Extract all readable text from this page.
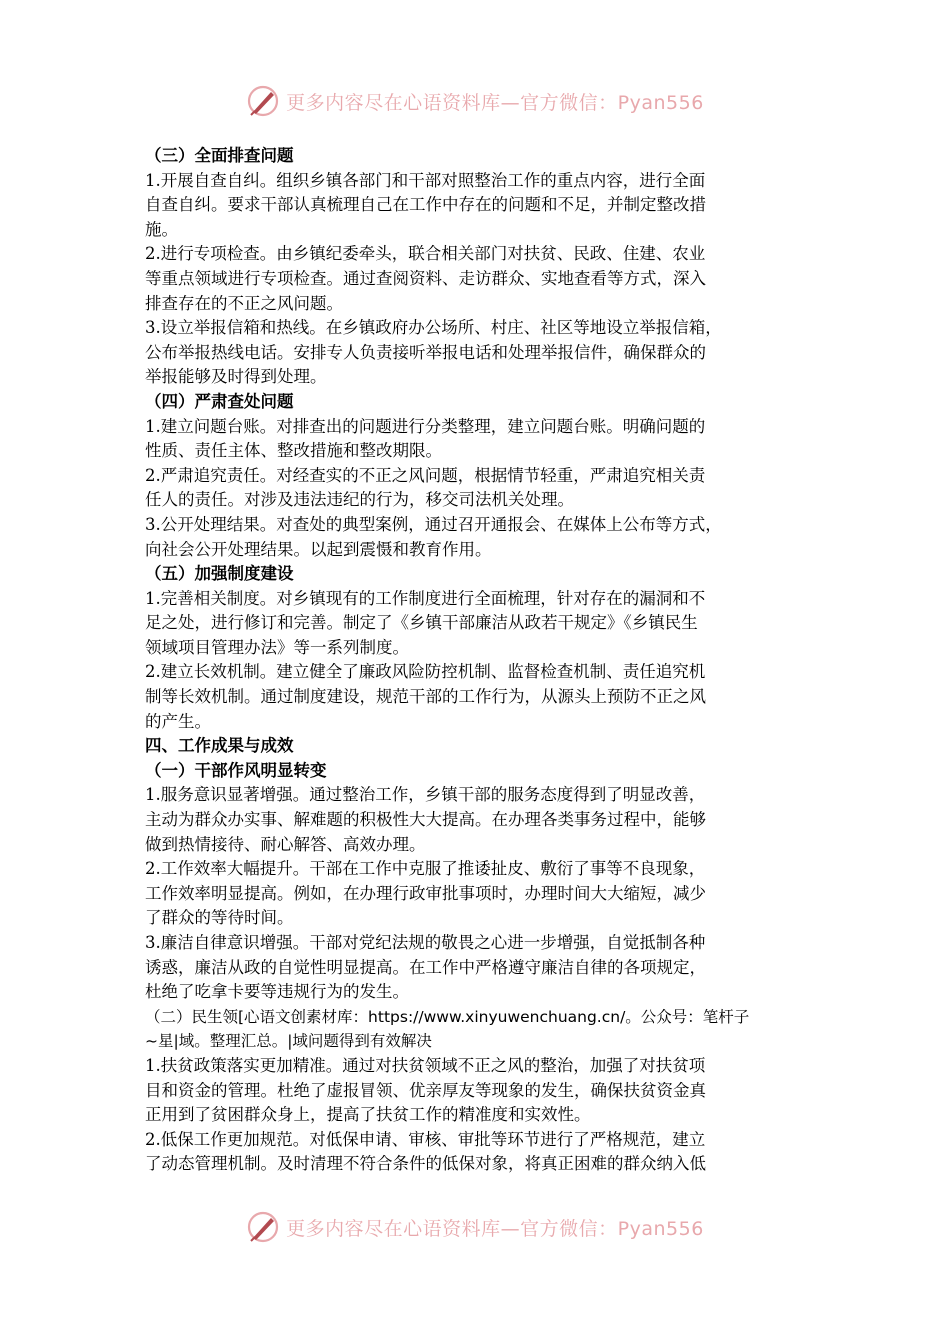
更多内容尽在心语资料库—官方微信：Pyan556
（三）全面排查问题
1.开展自查自纠。组织乡镇各部门和干部对照整治工作的重点内容，进行全面
自查自纠。要求干部认真梳理自己在工作中存在的问题和不足，并制定整改措
施。
2.进行专项检查。由乡镇纪委牵头，联合相关部门对扶贫、民政、住建、农业
等重点领域进行专项检查。通过查阅资料、走访群众、实地查看等方式，深入
排查存在的不正之风问题。
3.设立举报信箱和热线。在乡镇政府办公场所、村庄、社区等地设立举报信箱，
公布举报热线电话。安排专人负责接听举报电话和处理举报信件，确保群众的
举报能够及时得到处理。
（四）严肃查处问题
1.建立问题台账。对排查出的问题进行分类整理，建立问题台账。明确问题的
性质、责任主体、整改措施和整改期限。
2.严肃追究责任。对经查实的不正之风问题，根据情节轻重，严肃追究相关责
任人的责任。对涉及违法违纪的行为，移交司法机关处理。
3.公开处理结果。对查处的典型案例，通过召开通报会、在媒体上公布等方式，
向社会公开处理结果。以起到震慑和教育作用。
（五）加强制度建设
1.完善相关制度。对乡镇现有的工作制度进行全面梳理，针对存在的漏洞和不
足之处，进行修订和完善。制定了《乡镇干部廉洁从政若干规定》《乡镇民生
领域项目管理办法》等一系列制度。
2.建立长效机制。建立健全了廉政风险防控机制、监督检查机制、责任追究机
制等长效机制。通过制度建设，规范干部的工作行为，从源头上预防不正之风
的产生。
四、工作成果与成效
（一）干部作风明显转变
1.服务意识显著增强。通过整治工作，乡镇干部的服务态度得到了明显改善，
主动为群众办实事、解难题的积极性大大提高。在办理各类事务过程中，能够
做到热情接待、耐心解答、高效办理。
2.工作效率大幅提升。干部在工作中克服了推诿扯皮、敷衍了事等不良现象，
工作效率明显提高。例如，在办理行政审批事项时，办理时间大大缩短，减少
了群众的等待时间。
3.廉洁自律意识增强。干部对党纪法规的敬畏之心进一步增强，自觉抵制各种
诱惑，廉洁从政的自觉性明显提高。在工作中严格遵守廉洁自律的各项规定，
杜绝了吃拿卡要等违规行为的发生。
（二）民生领[心语文创素材库：https://www.xinyuwenchuang.cn/。公众号：笔杆子
~星|域。整理汇总。|域问题得到有效解决
1.扶贫政策落实更加精准。通过对扶贫领域不正之风的整治，加强了对扶贫项
目和资金的管理。杜绝了虚报冒领、优亲厚友等现象的发生，确保扶贫资金真
正用到了贫困群众身上，提高了扶贫工作的精准度和实效性。
2.低保工作更加规范。对低保申请、审核、审批等环节进行了严格规范，建立
了动态管理机制。及时清理不符合条件的低保对象，将真正困难的群众纳入低
更多内容尽在心语资料库—官方微信：Pyan556
